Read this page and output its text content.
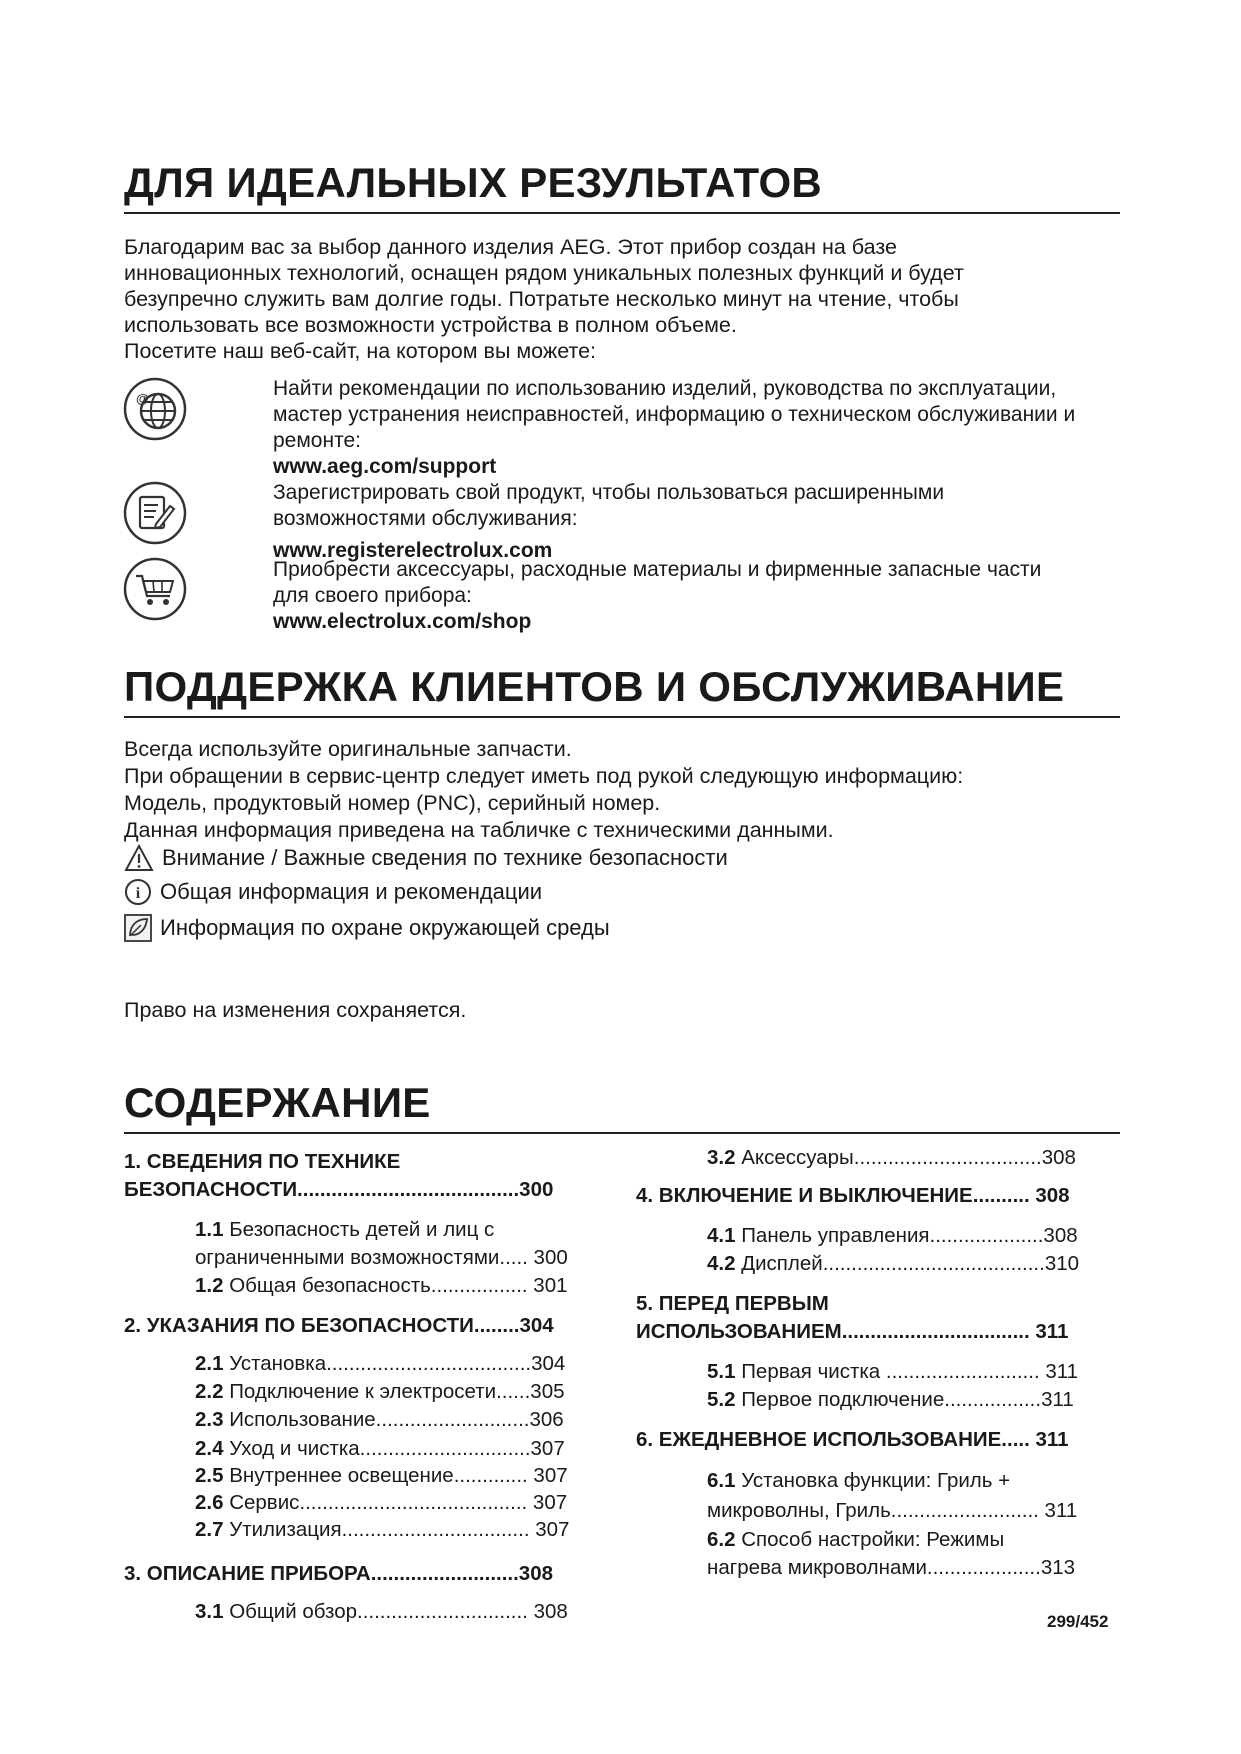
ДЛЯ ИДЕАЛЬНЫХ РЕЗУЛЬТАТОВ
Благодарим вас за выбор данного изделия AEG. Этот прибор создан на базе
инновационных технологий, оснащен рядом уникальных полезных функций и будет
безупречно служить вам долгие годы. Потратьте несколько минут на чтение, чтобы
использовать все возможности устройства в полном объеме.
Посетите наш веб-сайт, на котором вы можете:
@	Найти рекомендации по использованию изделий, руководства по эксплуатации,
мастер устранения неисправностей, информацию о техническом обслуживании и
ремонте:
www.aeg.com/support
Зарегистрировать свой продукт, чтобы пользоваться расширенными
возможностями обслуживания:
www.registerelectrolux.com
Приобрести аксессуары, расходные материалы и фирменные запасные части
для своего прибора:
www.electrolux.com/shop
ПОДДЕРЖКА КЛИЕНТОВ И ОБСЛУЖИВАНИЕ
Всегда используйте оригинальные запчасти.
При обращении в сервис-центр следует иметь под рукой следующую информацию:
Модель, продуктовый номер (PNC), серийный номер.
Данная информация приведена на табличке с техническими данными.
Внимание / Важные сведения по технике безопасности
i Общая информация и рекомендации
Информация по охране окружающей среды
Право на изменения сохраняется.
СОДЕРЖАНИЕ
1. СВЕДЕНИЯ ПО ТЕХНИКЕ
БЕЗОПАСНОСТИ.......................................300
1.1 Безопасность детей и лиц с
ограниченными возможностями..... 300
1.2 Общая безопасность................. 301
2. УКАЗАНИЯ ПО БЕЗОПАСНОСТИ........304
2.1 Установка....................................304
2.2 Подключение к электросети......305
2.3 Использование...........................306
2.4 Уход и чистка..............................307
2.5 Внутреннее освещение............. 307
2.6 Сервис........................................ 307
2.7 Утилизация................................. 307
3. ОПИСАНИЕ ПРИБОРА..........................308
3.1 Общий обзор.............................. 308
3.2 Аксессуары.................................308
4. ВКЛЮЧЕНИЕ И ВЫКЛЮЧЕНИЕ.......... 308
4.1 Панель управления....................308
4.2 Дисплей.......................................310
5. ПЕРЕД ПЕРВЫМ
ИСПОЛЬЗОВАНИЕМ................................. 311
5.1 Первая чистка ........................... 311
5.2 Первое подключение.................311
6. ЕЖЕДНЕВНОЕ ИСПОЛЬЗОВАНИЕ..... 311
6.1 Установка функции: Гриль +
микроволны, Гриль.......................... 311
6.2 Способ настройки: Режимы
нагрева микроволнами....................313
299/452
